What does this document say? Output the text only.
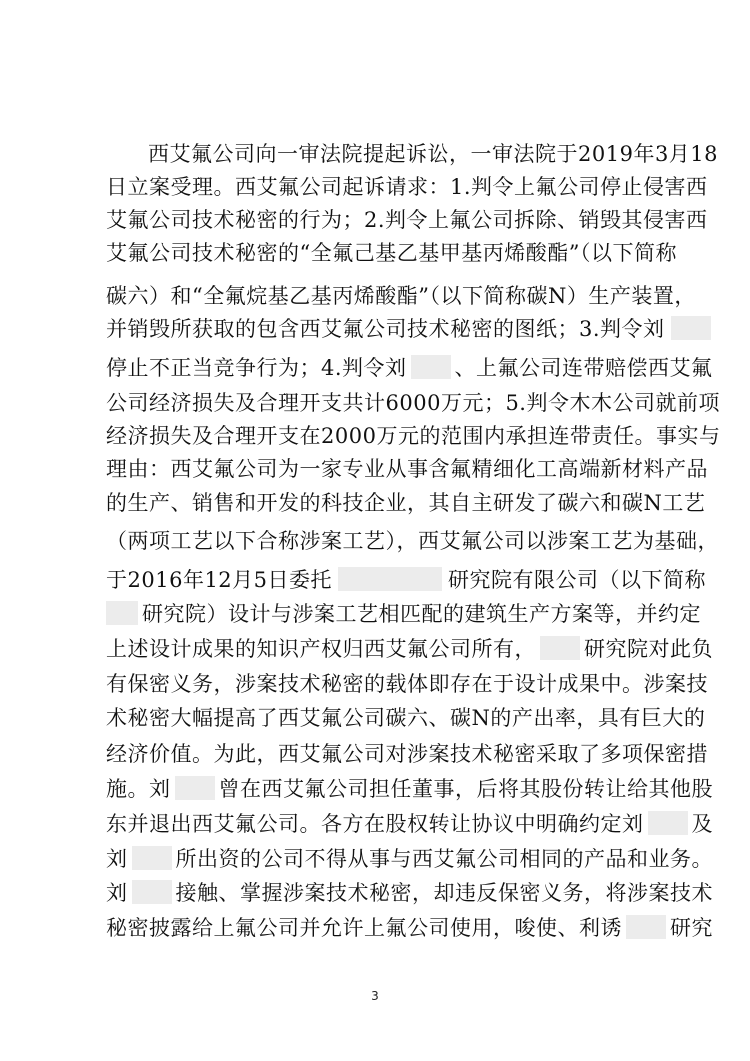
西艾氟公司向一审法院提起诉讼，一审法院于2019年3月18
日立案受理。西艾氟公司起诉请求：1.判令上氟公司停止侵害西
艾氟公司技术秘密的行为；2.判令上氟公司拆除、销毁其侵害西
艾氟公司技术秘密的“全氟己基乙基甲基丙烯酸酯”（以下简称
碳六）和“全氟烷基乙基丙烯酸酯”（以下简称碳N）生产装置，
并销毁所获取的包含西艾氟公司技术秘密的图纸；3.判令刘
停止不正当竞争行为；4.判令刘 、上氟公司连带赔偿西艾氟
公司经济损失及合理开支共计6000万元；5.判令木木公司就前项
经济损失及合理开支在2000万元的范围内承担连带责任。事实与
理由：西艾氟公司为一家专业从事含氟精细化工高端新材料产品
的生产、销售和开发的科技企业，其自主研发了碳六和碳N工艺
（两项工艺以下合称涉案工艺），西艾氟公司以涉案工艺为基础，
于2016年12月5日委托	研究院有限公司（以下简称
研究院）设计与涉案工艺相匹配的建筑生产方案等，并约定
上述设计成果的知识产权归西艾氟公司所有， 研究院对此负
有保密义务，涉案技术秘密的载体即存在于设计成果中。涉案技
术秘密大幅提高了西艾氟公司碳六、碳N的产出率，具有巨大的
经济价值。为此，西艾氟公司对涉案技术秘密采取了多项保密措
施。刘 曾在西艾氟公司担任董事，后将其股份转让给其他股
东并退出西艾氟公司。各方在股权转让协议中明确约定刘 及
刘 所出资的公司不得从事与西艾氟公司相同的产品和业务。
刘 接触、掌握涉案技术秘密，却违反保密义务，将涉案技术
秘密披露给上氟公司并允许上氟公司使用，唆使、利诱 研究
3
